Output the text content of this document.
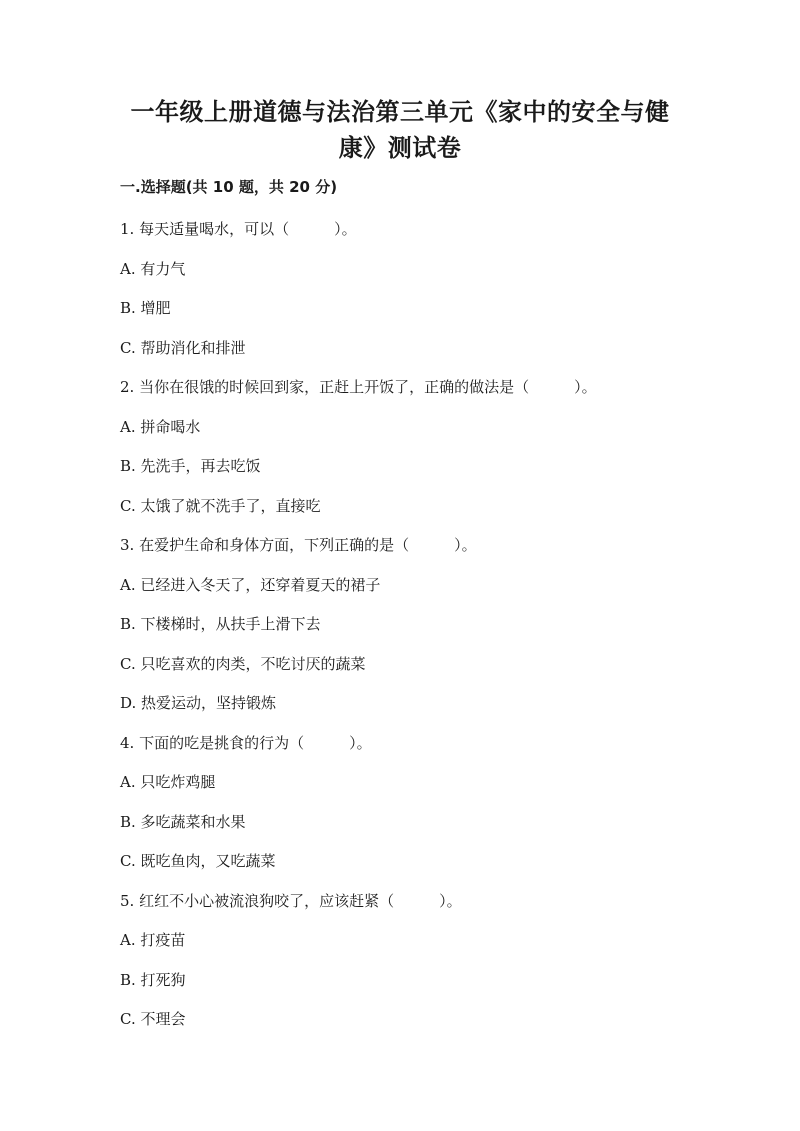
一年级上册道德与法治第三单元《家中的安全与健
康》测试卷
一.选择题(共 10 题，共 20 分)
1. 每天适量喝水，可以（　　　）。
A. 有力气
B. 增肥
C. 帮助消化和排泄
2. 当你在很饿的时候回到家，正赶上开饭了，正确的做法是（　　　）。
A. 拼命喝水
B. 先洗手，再去吃饭
C. 太饿了就不洗手了，直接吃
3. 在爱护生命和身体方面，下列正确的是（　　　）。
A. 已经进入冬天了，还穿着夏天的裙子
B. 下楼梯时，从扶手上滑下去
C. 只吃喜欢的肉类，不吃讨厌的蔬菜
D. 热爱运动，坚持锻炼
4. 下面的吃是挑食的行为（　　　）。
A. 只吃炸鸡腿
B. 多吃蔬菜和水果
C. 既吃鱼肉，又吃蔬菜
5. 红红不小心被流浪狗咬了，应该赶紧（　　　）。
A. 打疫苗
B. 打死狗
C. 不理会
